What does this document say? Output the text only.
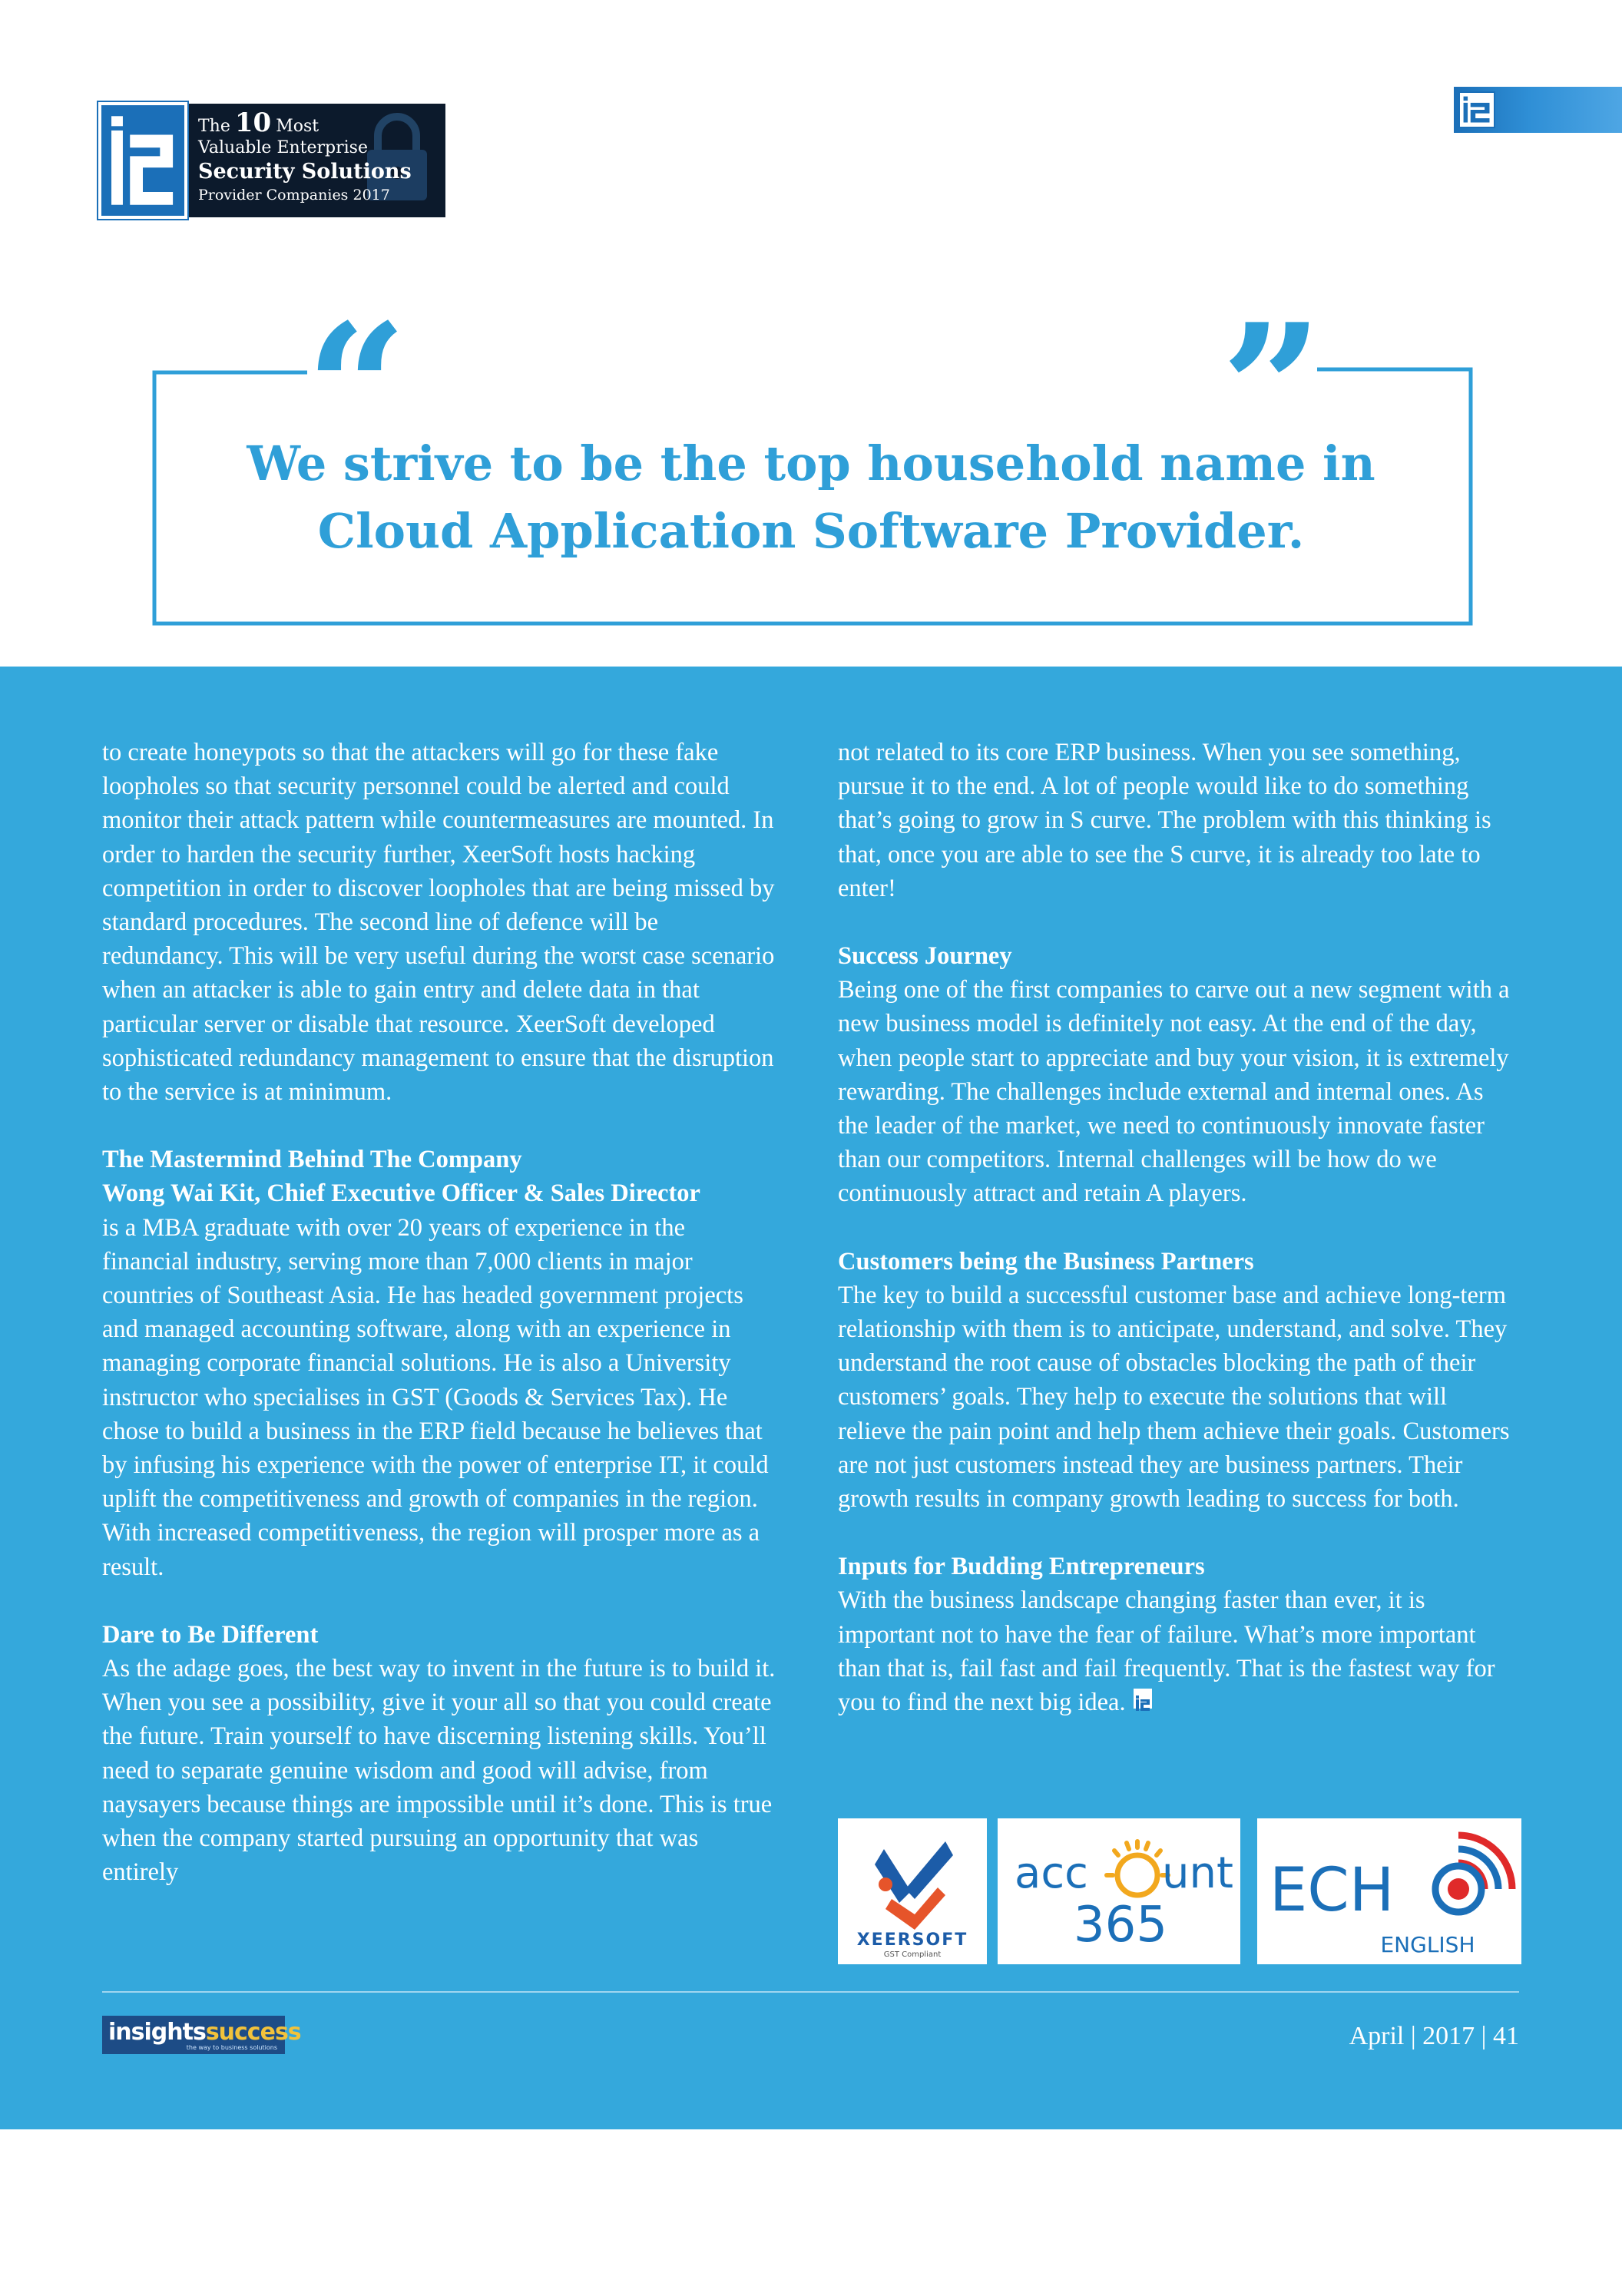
The 10 Most
Valuable Enterprise
Security Solutions
Provider Companies 2017
“	”
We strive to be the top household name in Cloud Application Software Provider.

to create honeypots so that the attackers will go for these fake loopholes so that security personnel could be alerted and could monitor their attack pattern while countermeasures are mounted. In order to harden the security further, XeerSoft hosts hacking competition in order to discover loopholes that are being missed by standard procedures. The second line of defence will be redundancy. This will be very useful during the worst case scenario when an attacker is able to gain entry and delete data in that particular server or disable that resource. XeerSoft developed sophisticated redundancy management to ensure that the disruption to the service is at minimum.

The Mastermind Behind The Company
Wong Wai Kit, Chief Executive Officer & Sales Director

is a MBA graduate with over 20 years of experience in the financial industry, serving more than 7,000 clients in major countries of Southeast Asia. He has headed government projects and managed accounting software, along with an experience in managing corporate financial solutions. He is also a University instructor who specialises in GST (Goods & Services Tax). He chose to build a business in the ERP field because he believes that by infusing his experience with the power of enterprise IT, it could uplift the competitiveness and growth of companies in the region. With increased competitiveness, the region will prosper more as a result.

Dare to Be Different

As the adage goes, the best way to invent in the future is to build it. When you see a possibility, give it your all so that you could create the future. Train yourself to have discerning listening skills. You’ll need to separate genuine wisdom and good will advise, from naysayers because things are impossible until it’s done. This is true when the company started pursuing an opportunity that was entirely

not related to its core ERP business. When you see something, pursue it to the end. A lot of people would like to do something that’s going to grow in S curve. The problem with this thinking is that, once you are able to see the S curve, it is already too late to enter!

Success Journey

Being one of the first companies to carve out a new segment with a new business model is definitely not easy. At the end of the day, when people start to appreciate and buy your vision, it is extremely rewarding. The challenges include external and internal ones. As the leader of the market, we need to continuously innovate faster than our competitors. Internal challenges will be how do we continuously attract and retain A players.

Customers being the Business Partners

The key to build a successful customer base and achieve long-term relationship with them is to anticipate, understand, and solve. They understand the root cause of obstacles blocking the path of their customers’ goals. They help to execute the solutions that will relieve the pain point and help them achieve their goals. Customers are not just customers instead they are business partners. Their growth results in company growth leading to success for both.

Inputs for Budding Entrepreneurs

With the business landscape changing faster than ever, it is important not to have the fear of failure. What’s more important than that is, fail fast and fail frequently. That is the fastest way for you to find the next big idea.

XEERSOFT
GST Compliant
acc unt
365 ECH
ENGLISH
insightssuccess
the way to business solutions	April | 2017 | 41
